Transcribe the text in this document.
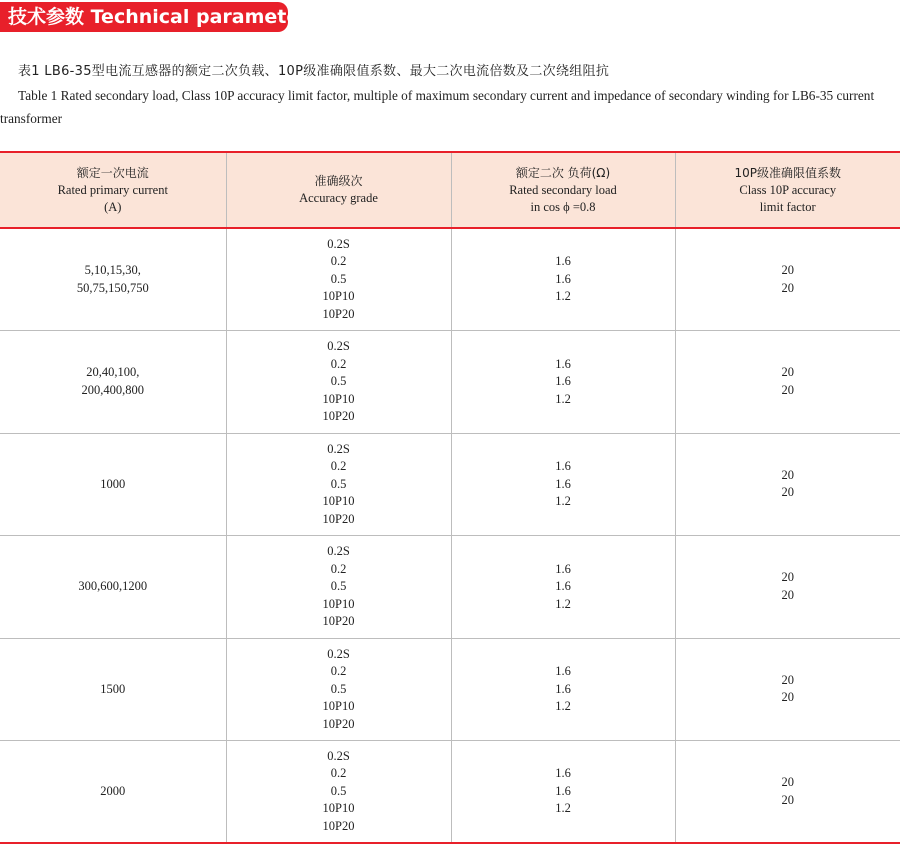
技术参数 Technical parameter
表1 LB6-35型电流互感器的额定二次负载、10P级准确限值系数、最大二次电流倍数及二次绕组阻抗
Table 1 Rated secondary load, Class 10P accuracy limit factor, multiple of maximum secondary current and impedance of secondary winding for LB6-35 current transformer
额定一次电流
Rated primary current
(A)	准确级次
Accuracy grade	额定二次 负荷(Ω)
Rated secondary load
in cos ϕ =0.8	10P级准确限值系数
Class 10P accuracy
limit factor

5,10,15,30,
50,75,150,750	0.2S
0.2
0.5
10P10
10P20	1.6
1.6
1.2	20
20

20,40,100,
200,400,800	0.2S
0.2
0.5
10P10
10P20	1.6
1.6
1.2	20
20

1000	0.2S
0.2
0.5
10P10
10P20	1.6
1.6
1.2	20
20

300,600,1200	0.2S
0.2
0.5
10P10
10P20	1.6
1.6
1.2	20
20

1500	0.2S
0.2
0.5
10P10
10P20	1.6
1.6
1.2	20
20

2000	0.2S
0.2
0.5
10P10
10P20	1.6
1.6
1.2	20
20
